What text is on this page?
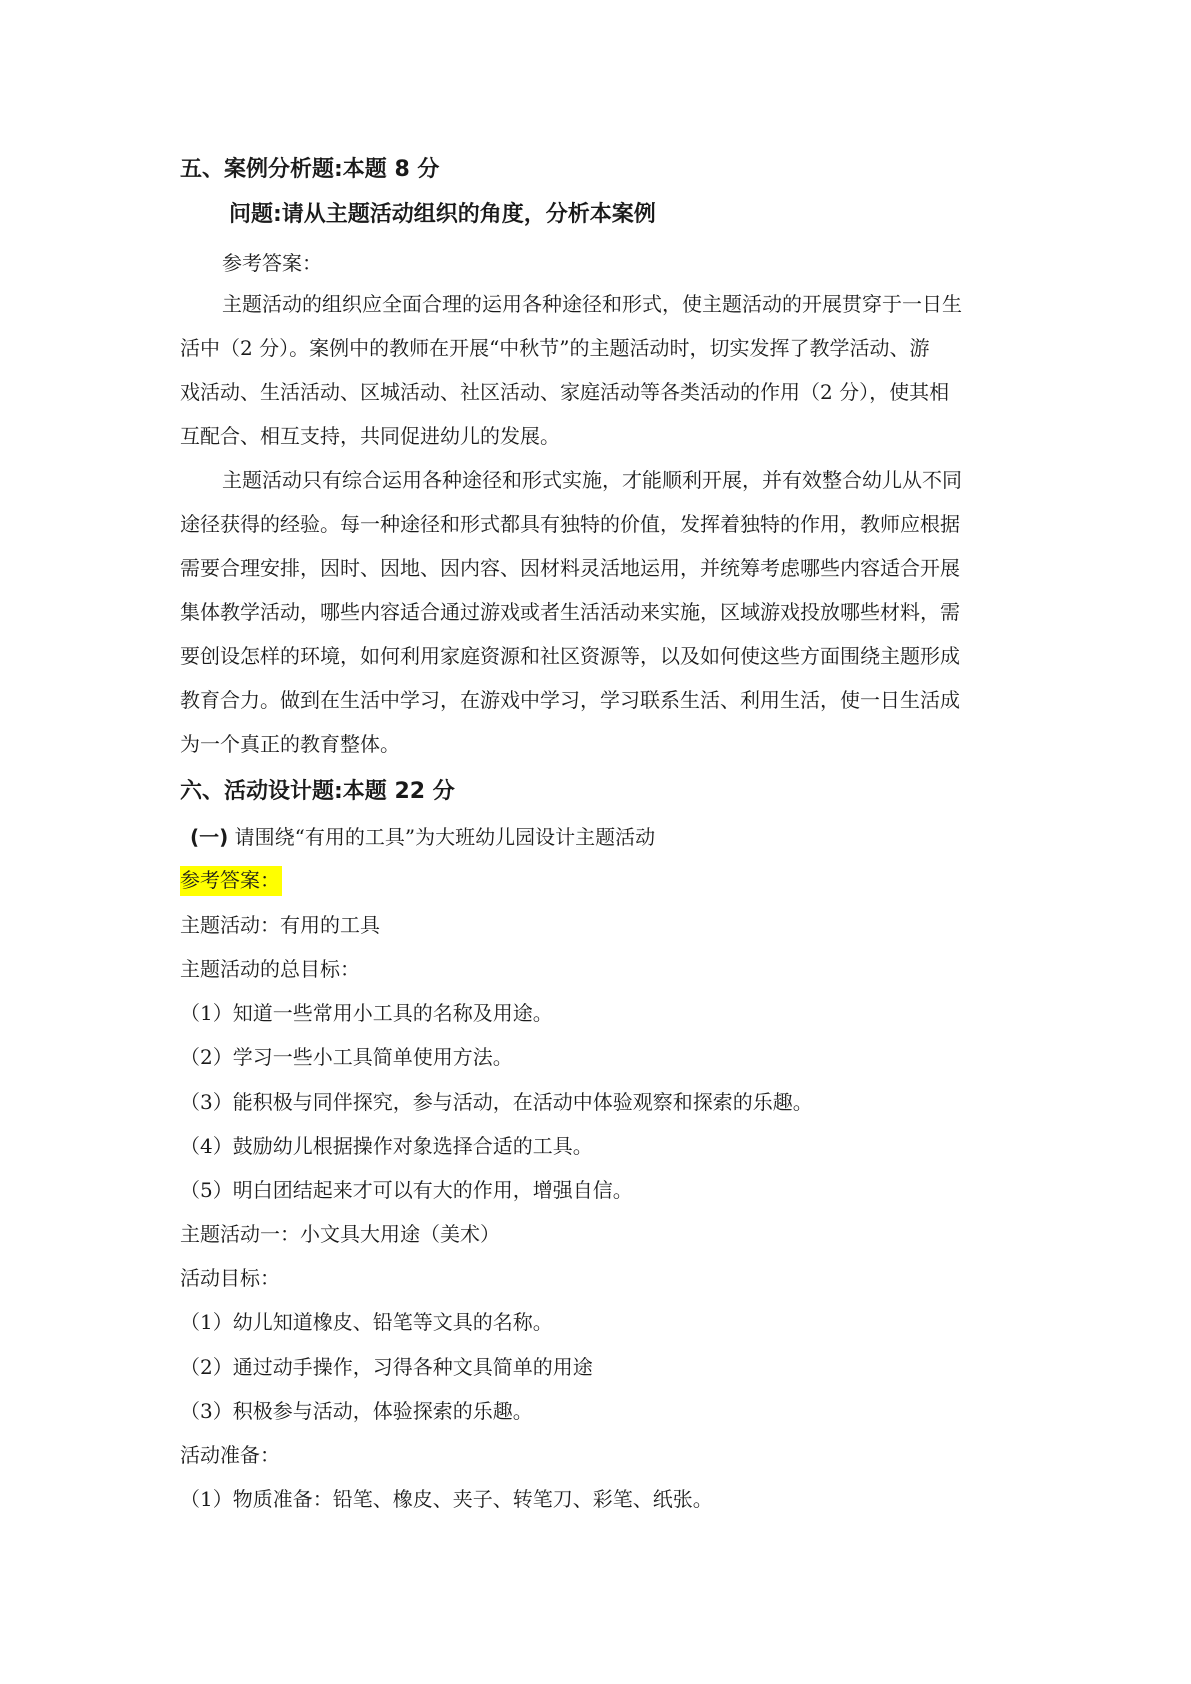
五、案例分析题:本题 8 分
问题:请从主题活动组织的角度，分析本案例
参考答案：
主题活动的组织应全面合理的运用各种途径和形式，使主题活动的开展贯穿于一日生
活中（2 分）。案例中的教师在开展“中秋节”的主题活动时，切实发挥了教学活动、游
戏活动、生活活动、区城活动、社区活动、家庭活动等各类活动的作用（2 分），使其相
互配合、相互支持，共同促进幼儿的发展。
主题活动只有综合运用各种途径和形式实施，才能顺利开展，并有效整合幼儿从不同
途径获得的经验。每一种途径和形式都具有独特的价值，发挥着独特的作用，教师应根据
需要合理安排，因时、因地、因内容、因材料灵活地运用，并统筹考虑哪些内容适合开展
集体教学活动，哪些内容适合通过游戏或者生活活动来实施，区域游戏投放哪些材料，需
要创设怎样的环境，如何利用家庭资源和社区资源等，以及如何使这些方面围绕主题形成
教育合力。做到在生活中学习，在游戏中学习，学习联系生活、利用生活，使一日生活成
为一个真正的教育整体。
六、活动设计题:本题 22 分
(一) 请围绕“有用的工具”为大班幼儿园设计主题活动
参考答案：
主题活动：有用的工具
主题活动的总目标：
（1）知道一些常用小工具的名称及用途。
（2）学习一些小工具简单使用方法。
（3）能积极与同伴探究，参与活动，在活动中体验观察和探索的乐趣。
（4）鼓励幼儿根据操作对象选择合适的工具。
（5）明白团结起来才可以有大的作用，增强自信。
主题活动一：小文具大用途（美术）
活动目标：
（1）幼儿知道橡皮、铅笔等文具的名称。
（2）通过动手操作，习得各种文具简单的用途
（3）积极参与活动，体验探索的乐趣。
活动准备：
（1）物质准备：铅笔、橡皮、夹子、转笔刀、彩笔、纸张。
